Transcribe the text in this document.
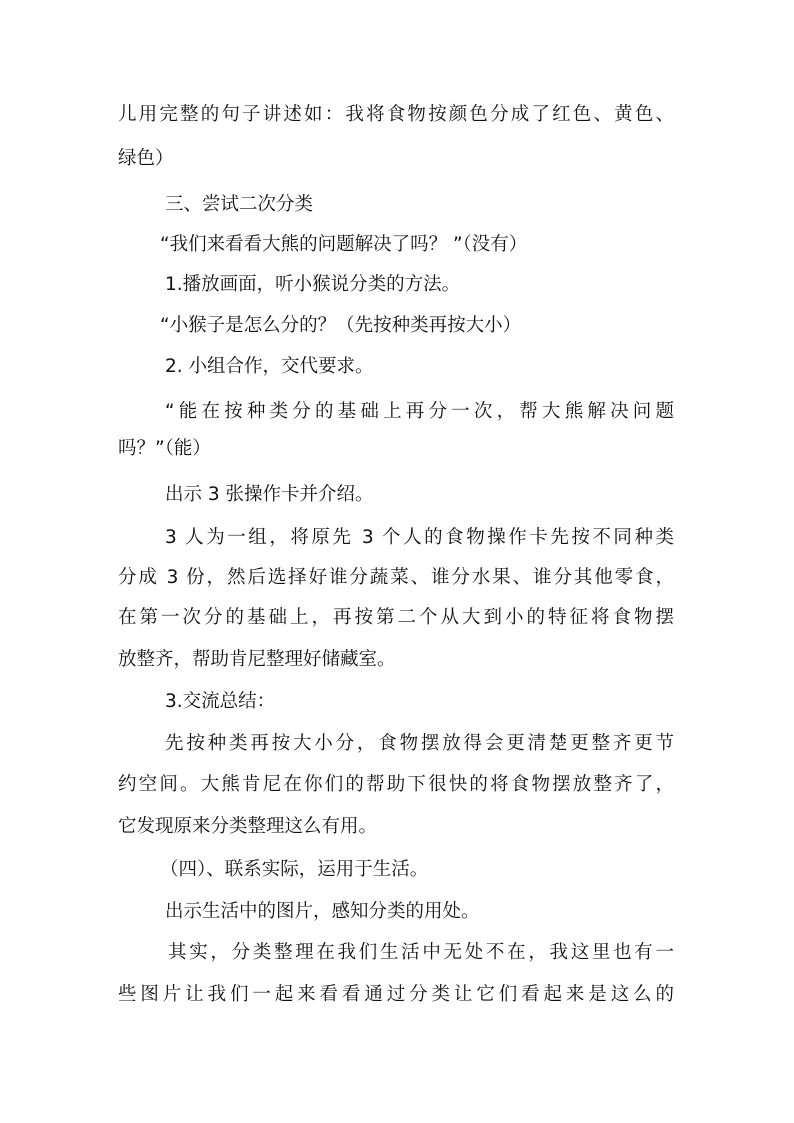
儿用完整的句子讲述如：我将食物按颜色分成了红色、黄色、
绿色）
三、尝试二次分类
“我们来看看大熊的问题解决了吗？ ”（没有）
1.播放画面，听小猴说分类的方法。
“小猴子是怎么分的？（先按种类再按大小）
2. 小组合作，交代要求。
“能在按种类分的基础上再分一次，帮大熊解决问题
吗？”（能）
出示 3 张操作卡并介绍。
3 人为一组，将原先 3 个人的食物操作卡先按不同种类
分成 3 份，然后选择好谁分蔬菜、谁分水果、谁分其他零食，
在第一次分的基础上，再按第二个从大到小的特征将食物摆
放整齐，帮助肯尼整理好储藏室。
3.交流总结：
先按种类再按大小分，食物摆放得会更清楚更整齐更节
约空间。大熊肯尼在你们的帮助下很快的将食物摆放整齐了，
它发现原来分类整理这么有用。
（四）、联系实际，运用于生活。
出示生活中的图片，感知分类的用处。
其实，分类整理在我们生活中无处不在，我这里也有一
些图片让我们一起来看看通过分类让它们看起来是这么的
